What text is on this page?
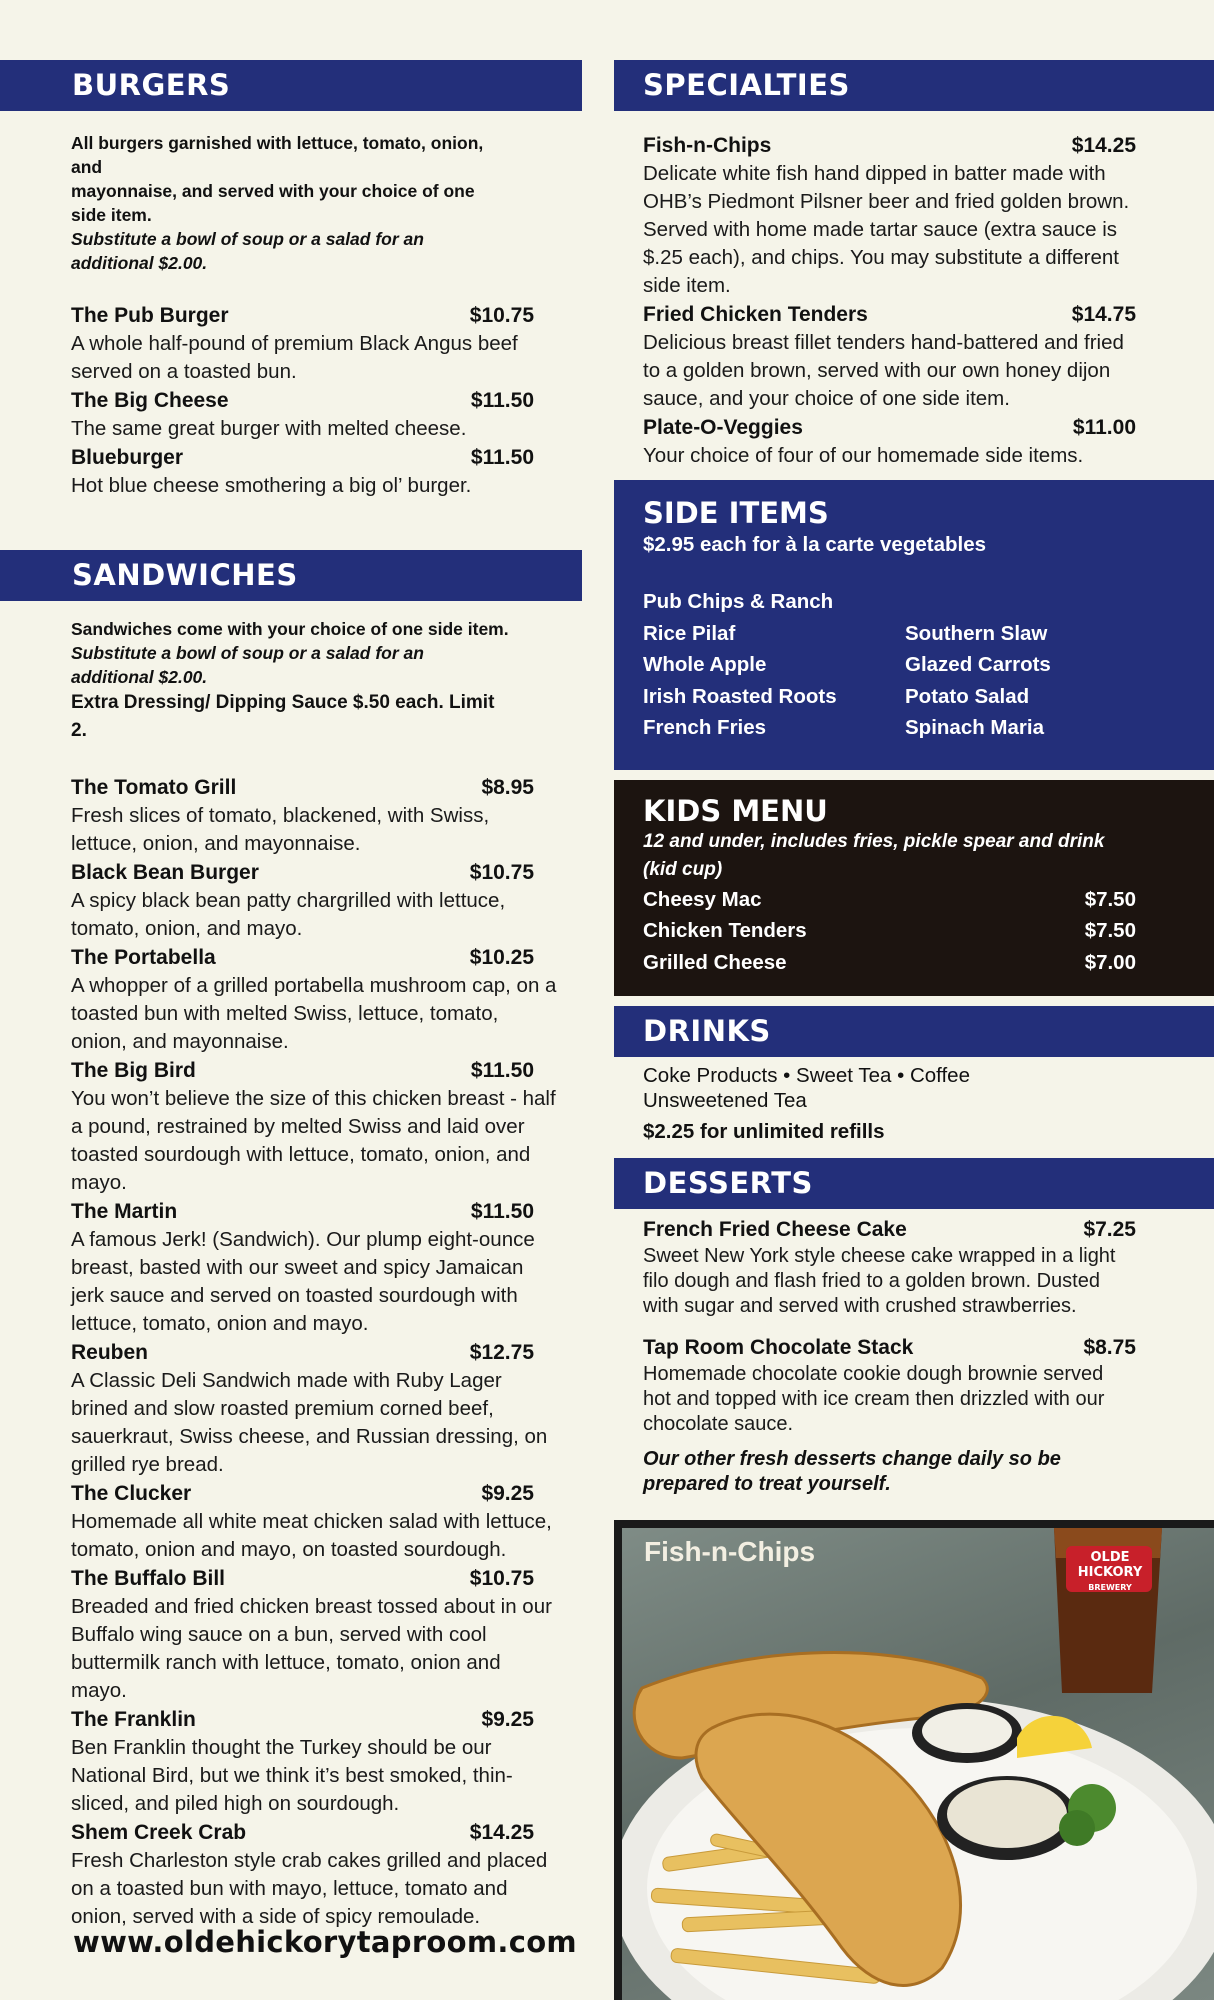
BURGERS
All burgers garnished with lettuce, tomato, onion, and
mayonnaise, and served with your choice of one side item.
Substitute a bowl of soup or a salad for an additional $2.00.
The Pub Burger	$10.75
A whole half-pound of premium Black Angus beef served on a toasted bun.
The Big Cheese	$11.50
The same great burger with melted cheese.
Blueburger	$11.50
Hot blue cheese smothering a big ol’ burger.
SANDWICHES
Sandwiches come with your choice of one side item.
Substitute a bowl of soup or a salad for an additional $2.00.
Extra Dressing/ Dipping Sauce $.50 each. Limit 2.
The Tomato Grill	$8.95
Fresh slices of tomato, blackened, with Swiss, lettuce, onion, and mayonnaise.
Black Bean Burger	$10.75
A spicy black bean patty chargrilled with lettuce, tomato, onion, and mayo.
The Portabella	$10.25
A whopper of a grilled portabella mushroom cap, on a toasted bun with melted Swiss, lettuce, tomato, onion, and mayonnaise.
The Big Bird	$11.50
You won’t believe the size of this chicken breast - half a pound, restrained by melted Swiss and laid over toasted sourdough with lettuce, tomato, onion, and mayo.
The Martin	$11.50
A famous Jerk! (Sandwich). Our plump eight-ounce breast, basted with our sweet and spicy Jamaican jerk sauce and served on toasted sourdough with lettuce, tomato, onion and mayo.
Reuben	$12.75
A Classic Deli Sandwich made with Ruby Lager brined and slow roasted premium corned beef, sauerkraut, Swiss cheese, and Russian dressing, on grilled rye bread.
The Clucker	$9.25
Homemade all white meat chicken salad with lettuce, tomato, onion and mayo, on toasted sourdough.
The Buffalo Bill	$10.75
Breaded and fried chicken breast tossed about in our Buffalo wing sauce on a bun, served with cool buttermilk ranch with lettuce, tomato, onion and mayo.
The Franklin	$9.25
Ben Franklin thought the Turkey should be our National Bird, but we think it’s best smoked, thin-sliced, and piled high on sourdough.
Shem Creek Crab	$14.25
Fresh Charleston style crab cakes grilled and placed on a toasted bun with mayo, lettuce, tomato and onion, served with a side of spicy remoulade.
SPECIALTIES
Fish-n-Chips	$14.25
Delicate white fish hand dipped in batter made with OHB’s Piedmont Pilsner beer and fried golden brown. Served with home made tartar sauce (extra sauce is $.25 each), and chips. You may substitute a different side item.
Fried Chicken Tenders	$14.75
Delicious breast fillet tenders hand-battered and fried to a golden brown, served with our own honey dijon sauce, and your choice of one side item.
Plate-O-Veggies	$11.00
Your choice of four of our homemade side items.
SIDE ITEMS
$2.95 each for à la carte vegetables
Pub Chips & Ranch
Rice Pilaf
Whole Apple
Irish Roasted Roots
French Fries
Southern Slaw
Glazed Carrots
Potato Salad
Spinach Maria
KIDS MENU
12 and under, includes fries, pickle spear and drink (kid cup)
Cheesy Mac	$7.50
Chicken Tenders	$7.50
Grilled Cheese	$7.00
DRINKS
Coke Products • Sweet Tea • Coffee
Unsweetened Tea
$2.25 for unlimited refills
DESSERTS
French Fried Cheese Cake	$7.25
Sweet New York style cheese cake wrapped in a light filo dough and flash fried to a golden brown. Dusted with sugar and served with crushed strawberries.
Tap Room Chocolate Stack	$8.75
Homemade chocolate cookie dough brownie served hot and topped with ice cream then drizzled with our chocolate sauce.
Our other fresh desserts change daily so be prepared to treat yourself.
Fish-n-Chips	OLDE HICKORY
BREWERY
www.oldehickorytaproom.com
